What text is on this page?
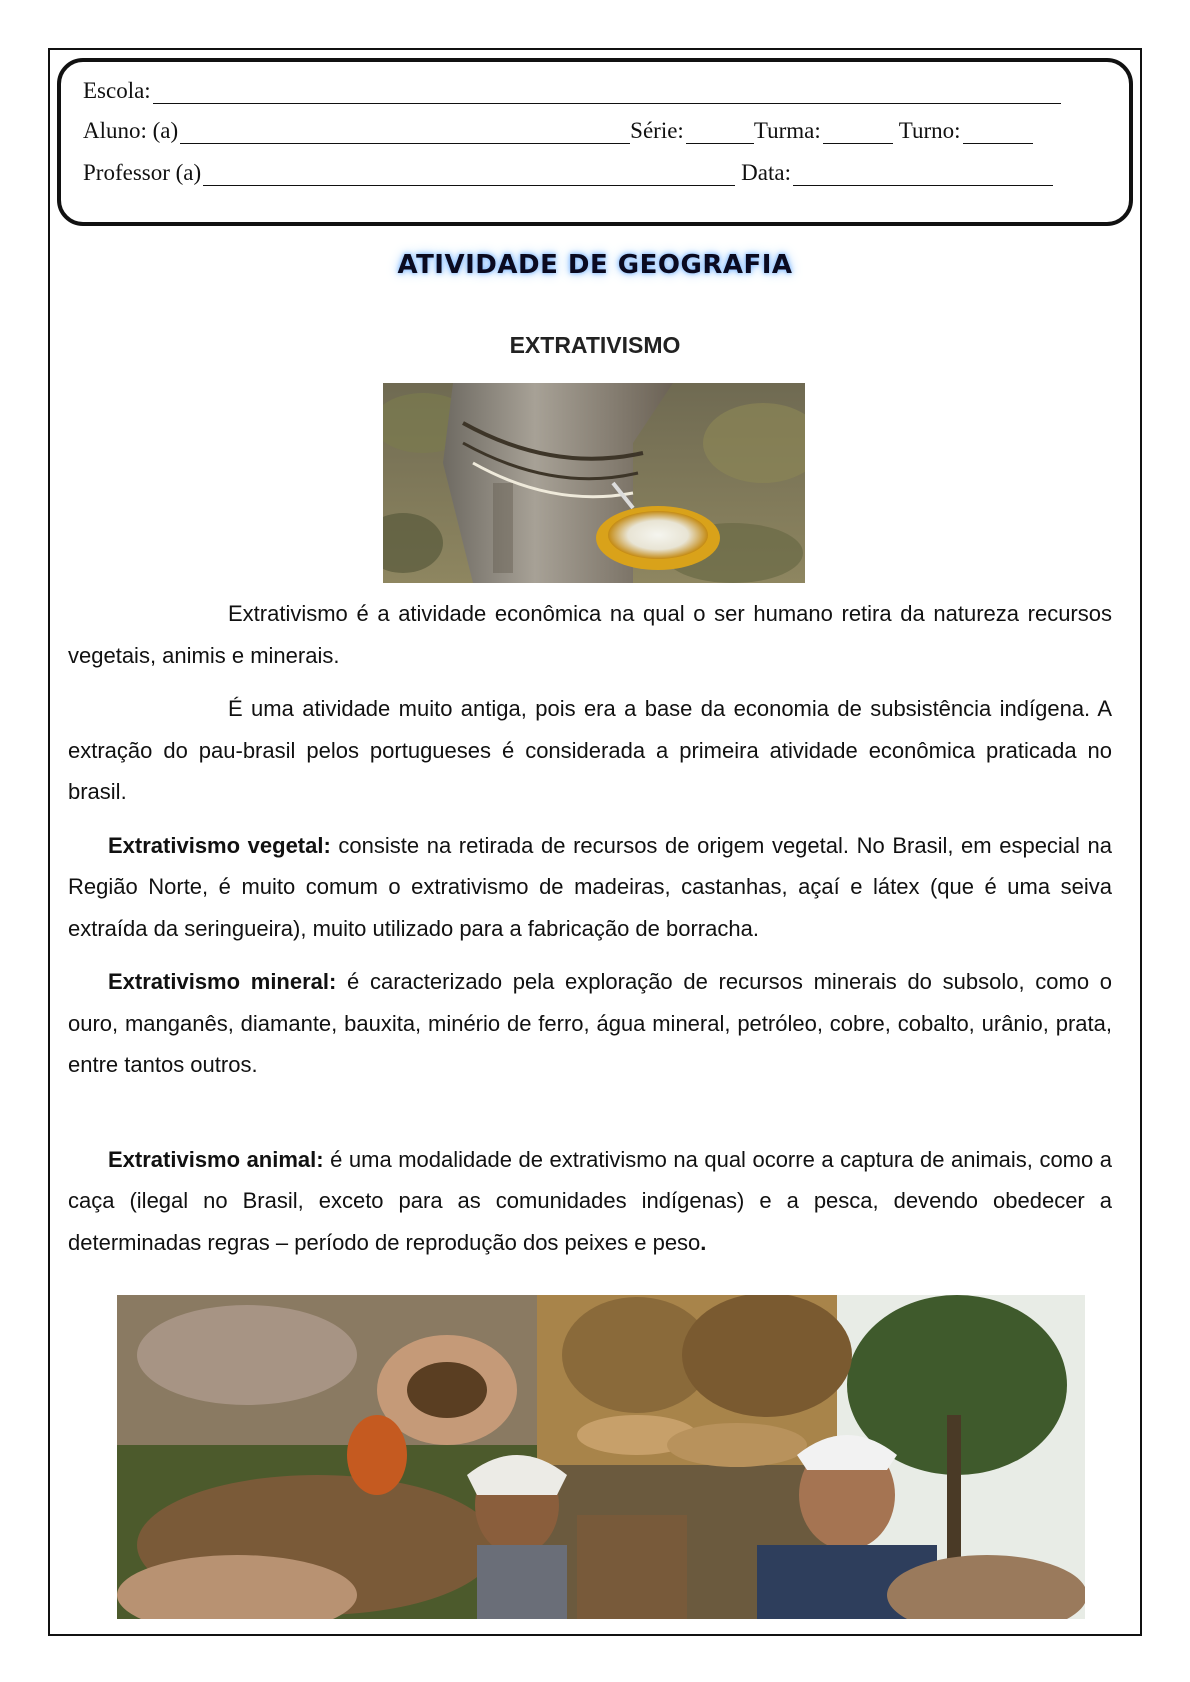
Escola:
Aluno: (a)	Série:	Turma:	Turno:
Professor (a)	Data:
ATIVIDADE DE GEOGRAFIA
EXTRATIVISMO

Extrativismo é a atividade econômica na qual o ser humano retira da natureza recursos vegetais, animis e minerais.

É uma atividade muito antiga, pois era a base da economia de subsistência indígena. A extração do pau-brasil pelos portugueses é considerada a primeira atividade econômica praticada no brasil.

Extrativismo vegetal: consiste na retirada de recursos de origem vegetal. No Brasil, em especial na Região Norte, é muito comum o extrativismo de madeiras, castanhas, açaí e látex (que é uma seiva extraída da seringueira), muito utilizado para a fabricação de borracha.

Extrativismo mineral: é caracterizado pela exploração de recursos minerais do subsolo, como o ouro, manganês, diamante, bauxita, minério de ferro, água mineral, petróleo, cobre, cobalto, urânio, prata, entre tantos outros.

Extrativismo animal: é uma modalidade de extrativismo na qual ocorre a captura de animais, como a caça (ilegal no Brasil, exceto para as comunidades indígenas) e a pesca, devendo obedecer a determinadas regras – período de reprodução dos peixes e peso.
